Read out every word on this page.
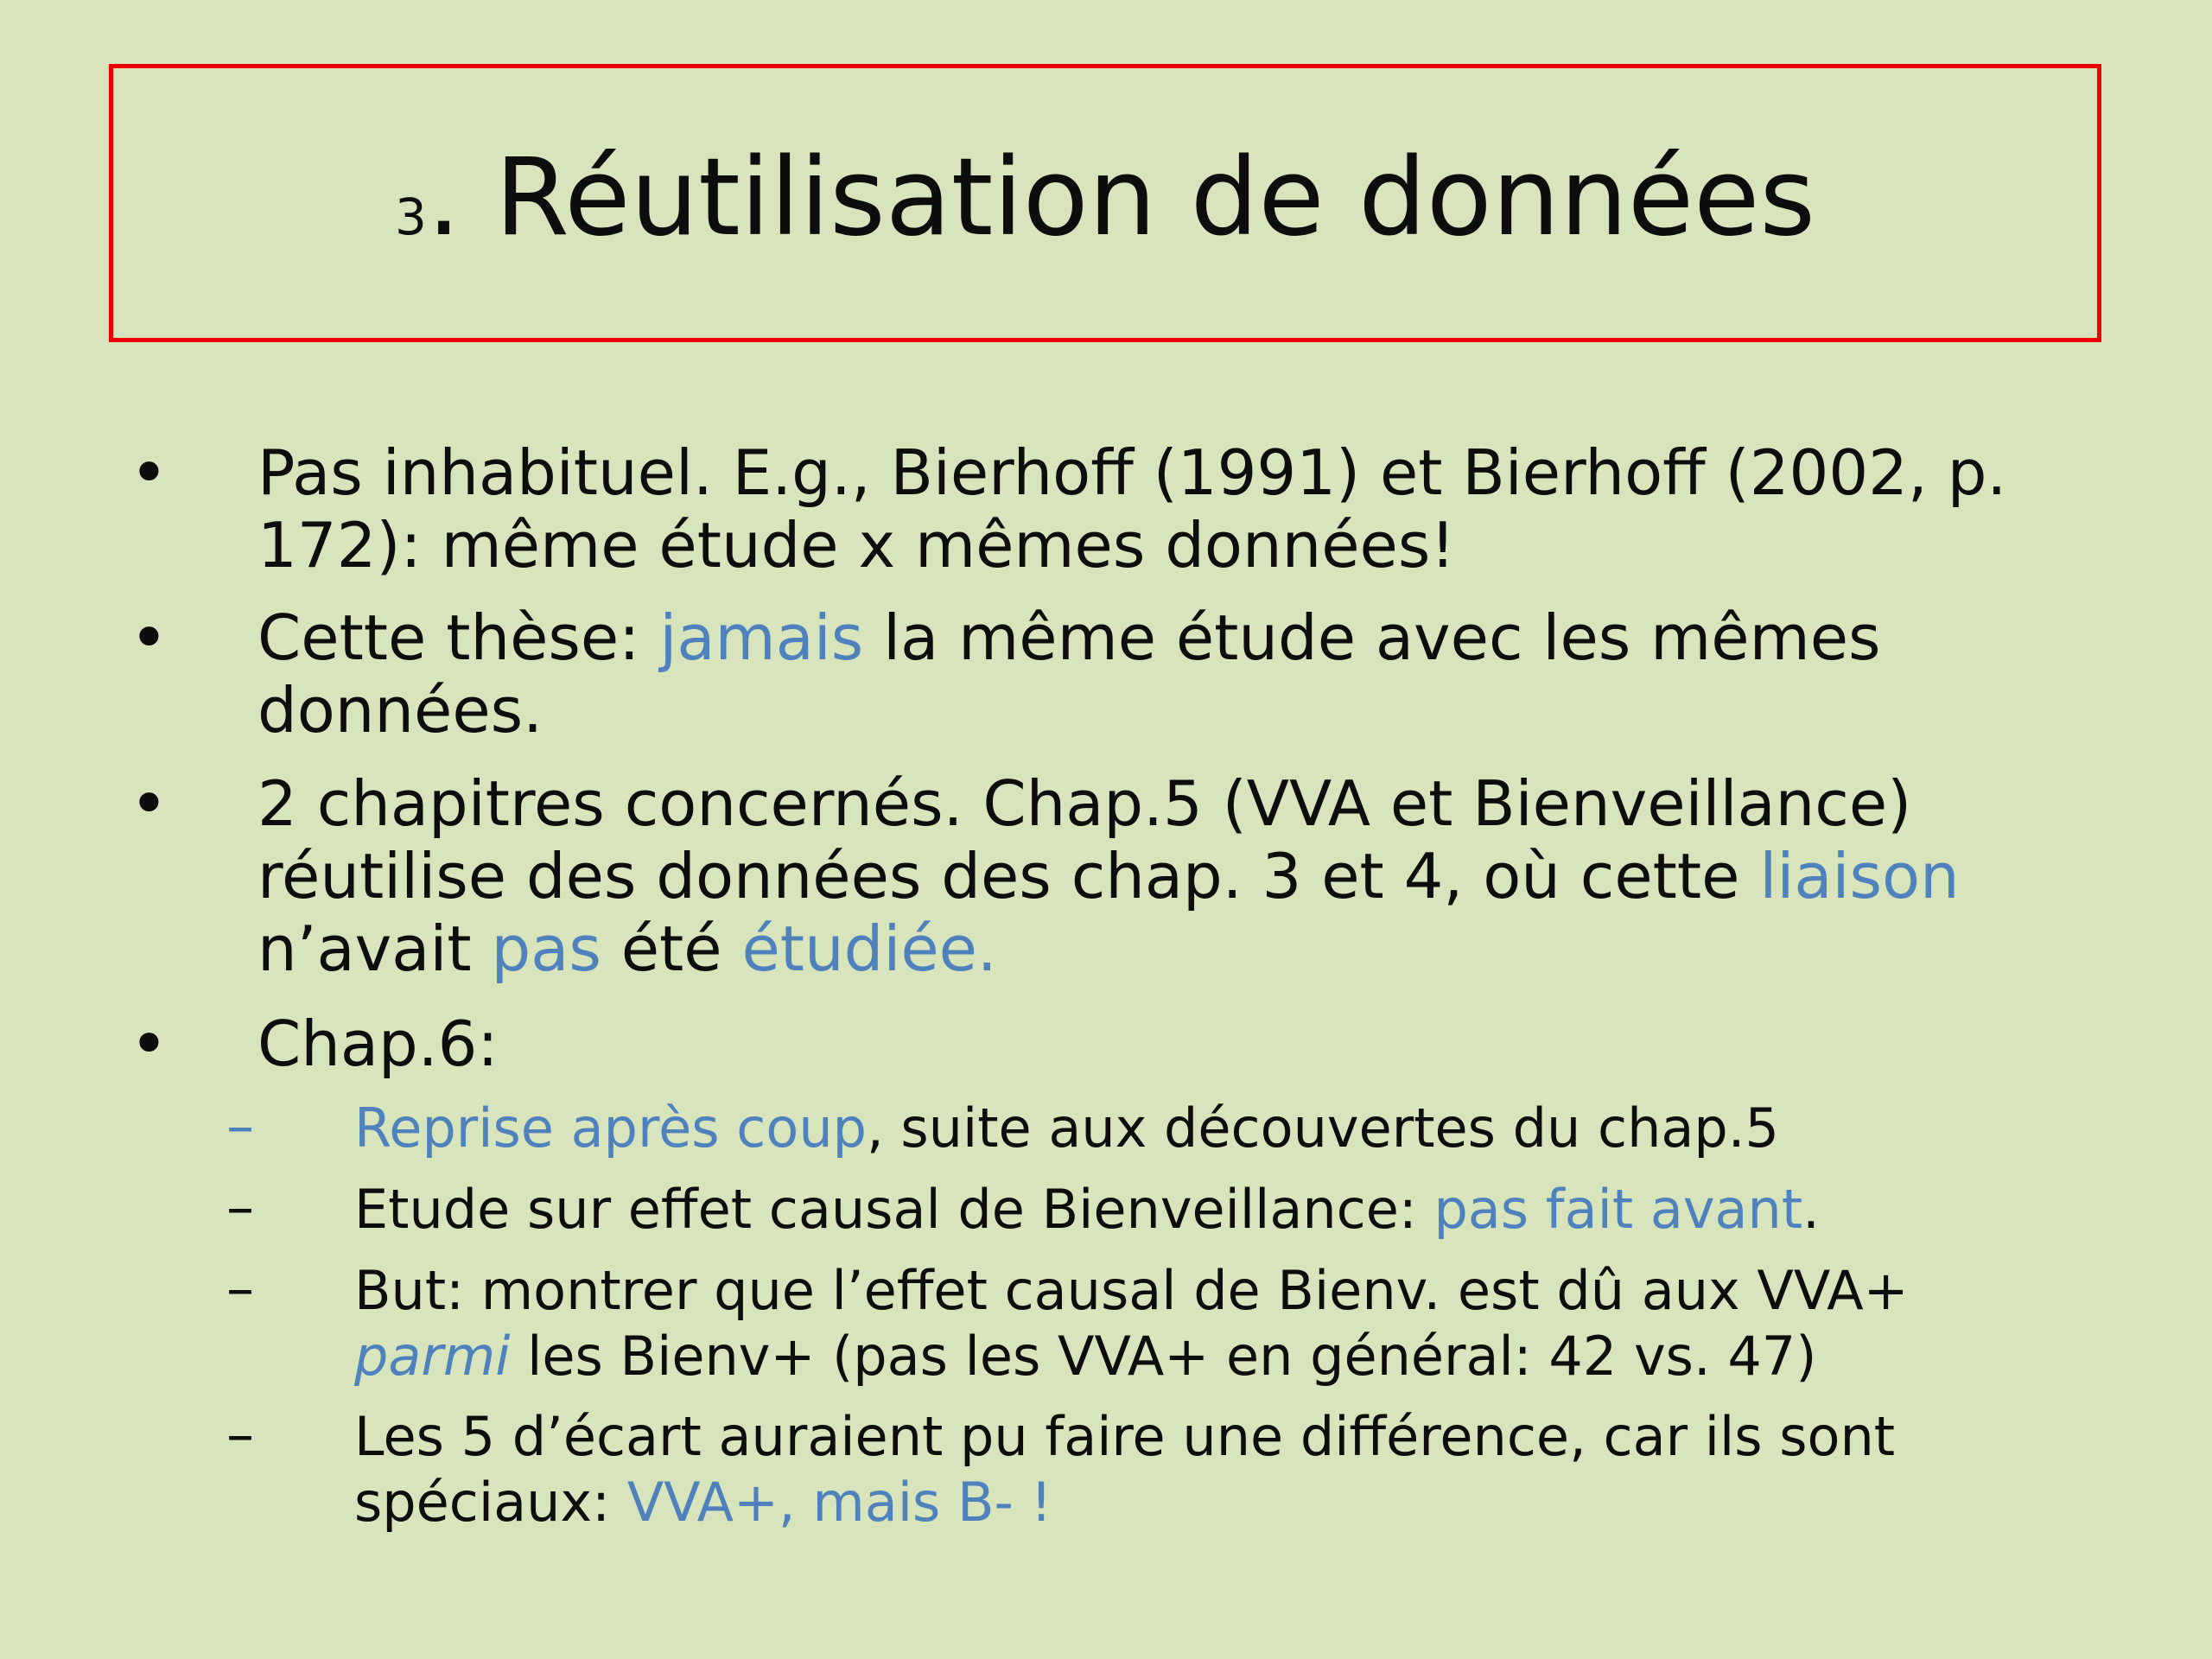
3. Réutilisation de données
• Pas inhabituel. E.g., Bierhoff (1991) et Bierhoff (2002, p.
172): même étude x mêmes données!
• Cette thèse: jamais la même étude avec les mêmes
données.
• 2 chapitres concernés. Chap.5 (VVA et Bienveillance)
réutilise des données des chap. 3 et 4, où cette liaison
n’avait pas été étudiée.
• Chap.6:
– Reprise après coup, suite aux découvertes du chap.5
– Etude sur effet causal de Bienveillance: pas fait avant.
– But: montrer que l’effet causal de Bienv. est dû aux VVA+
parmi les Bienv+ (pas les VVA+ en général: 42 vs. 47)
– Les 5 d’écart auraient pu faire une différence, car ils sont
spéciaux: VVA+, mais B- !
